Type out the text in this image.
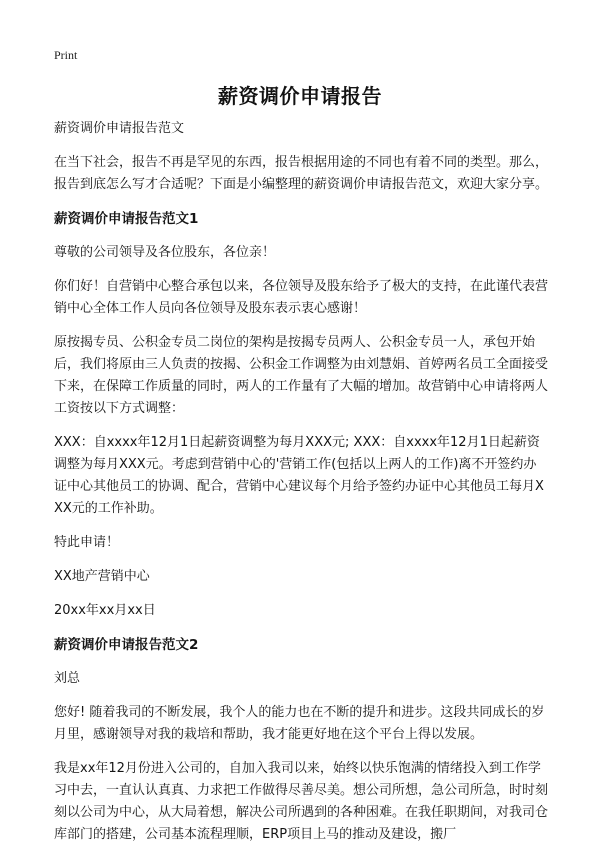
Print
薪资调价申请报告

薪资调价申请报告范文

在当下社会，报告不再是罕见的东西，报告根据用途的不同也有着不同的类型。那么，报告到底怎么写才合适呢？下面是小编整理的薪资调价申请报告范文，欢迎大家分享。

薪资调价申请报告范文1

尊敬的公司领导及各位股东，各位亲！

你们好！自营销中心整合承包以来，各位领导及股东给予了极大的支持，在此谨代表营销中心全体工作人员向各位领导及股东表示衷心感谢！

原按揭专员、公积金专员二岗位的架构是按揭专员两人、公积金专员一人，承包开始后，我们将原由三人负责的按揭、公积金工作调整为由刘慧娟、首婷两名员工全面接受下来，在保障工作质量的同时，两人的工作量有了大幅的增加。故营销中心申请将两人工资按以下方式调整：

XXX：自xxxx年12月1日起薪资调整为每月XXX元; XXX：自xxxx年12月1日起薪资调整为每月XXX元。考虑到营销中心的'营销工作(包括以上两人的工作)离不开签约办证中心其他员工的协调、配合，营销中心建议每个月给予签约办证中心其他员工每月XXX元的工作补助。

特此申请！

XX地产营销中心

20xx年xx月xx日

薪资调价申请报告范文2

刘总

您好! 随着我司的不断发展，我个人的能力也在不断的提升和进步。这段共同成长的岁月里，感谢领导对我的栽培和帮助，我才能更好地在这个平台上得以发展。

我是xx年12月份进入公司的，自加入我司以来，始终以快乐饱满的情绪投入到工作学习中去，一直认认真真、力求把工作做得尽善尽美。想公司所想，急公司所急，时时刻刻以公司为中心，从大局着想，解决公司所遇到的各种困难。在我任职期间，对我司仓库部门的搭建，公司基本流程理顺，ERP项目上马的推动及建设，搬厂
